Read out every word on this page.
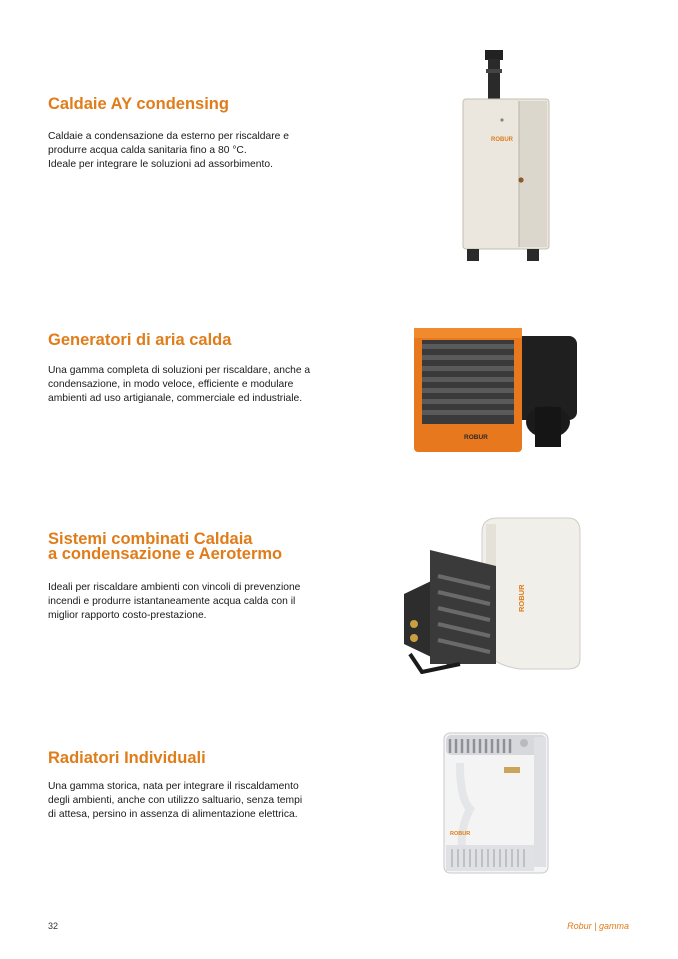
Caldaie AY condensing

Caldaie a condensazione da esterno per riscaldare e
produrre acqua calda sanitaria fino a 80 °C.
Ideale per integrare le soluzioni ad assorbimento.

Generatori di aria calda

Una gamma completa di soluzioni per riscaldare, anche a
condensazione, in modo veloce, efficiente e modulare
ambienti ad uso artigianale, commerciale ed industriale.

Sistemi combinati Caldaia
a condensazione e Aerotermo

Ideali per riscaldare ambienti con vincoli di prevenzione
incendi e produrre istantaneamente acqua calda con il
miglior rapporto costo-prestazione.

Radiatori Individuali

Una gamma storica, nata per integrare il riscaldamento
degli ambienti, anche con utilizzo saltuario, senza tempi
di attesa, persino in assenza di alimentazione elettrica.

ROBUR
ROBUR
ROBUR
ROBUR
32	Robur | gamma
